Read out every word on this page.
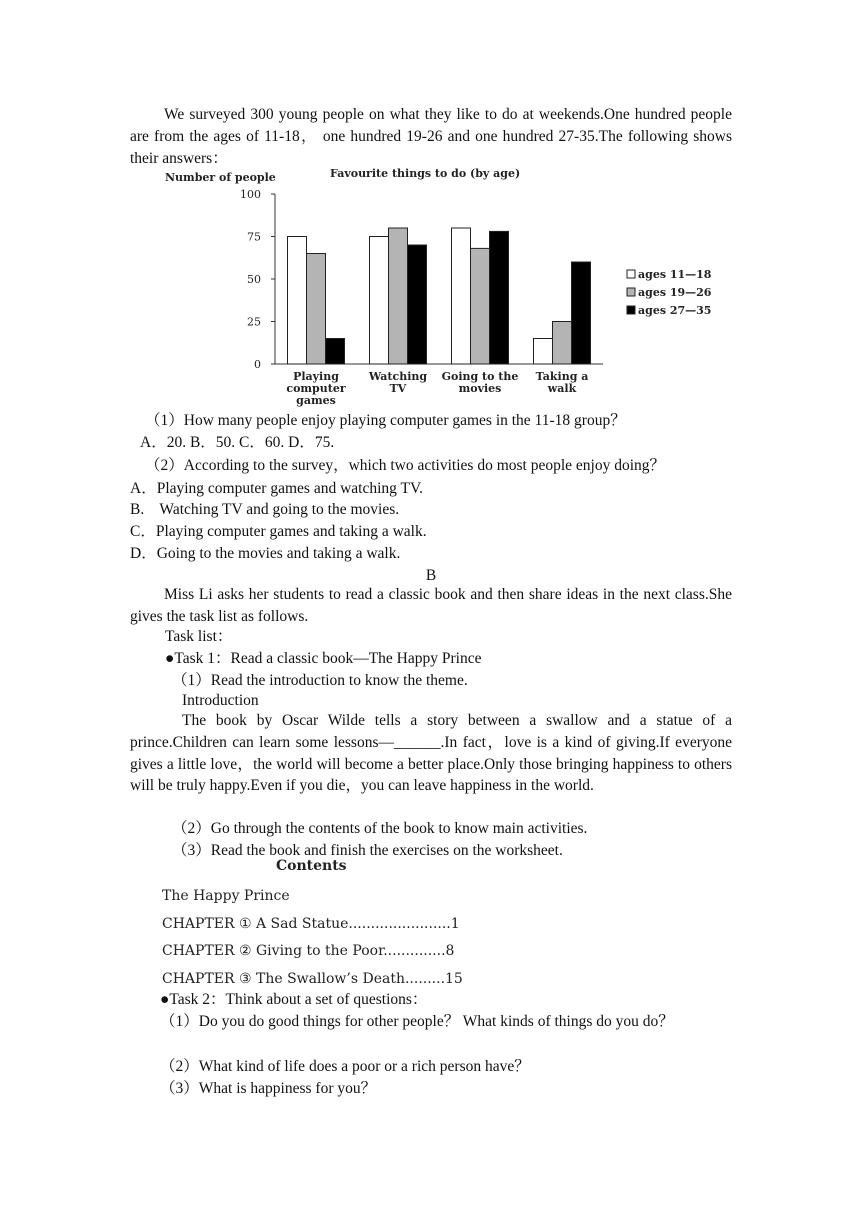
We surveyed 300 young people on what they like to do at weekends.One hundred people are from the ages of 11-18， one hundred 19-26 and one hundred 27-35.The following shows their answers：
Number of people	Favourite things to do (by age)
0
25
50
75
100
Playing
computer
games
Watching
TV
Going to the
movies
Taking a
walk
ages 11—18
ages 19—26
ages 27—35
（1）How many people enjoy playing computer games in the 11-18 group？
A．20. B．50. C．60. D．75.
（2）According to the survey，which two activities do most people enjoy doing？
A．Playing computer games and watching TV.
B.    Watching TV and going to the movies.
C．Playing computer games and taking a walk.
D．Going to the movies and taking a walk.
B
Miss Li asks her students to read a classic book and then share ideas in the next class.She gives the task list as follows.
Task list：
●Task 1：Read a classic book—The Happy Prince
（1）Read the introduction to know the theme.
Introduction
The book by Oscar Wilde tells a story between a swallow and a statue of a prince.Children can learn some lessons—______.In fact，love is a kind of giving.If everyone gives a little love，the world will become a better place.Only those bringing happiness to others will be truly happy.Even if you die，you can leave happiness in the world.
（2）Go through the contents of the book to know main activities.
（3）Read the book and finish the exercises on the worksheet.
Contents
The Happy Prince
CHAPTER ① A Sad Statue.......................1
CHAPTER ② Giving to the Poor..............8
CHAPTER ③ The Swallow’s Death.........15
●Task 2：Think about a set of questions：
（1）Do you do good things for other people？ What kinds of things do you do？
（2）What kind of life does a poor or a rich person have？
（3）What is happiness for you？
